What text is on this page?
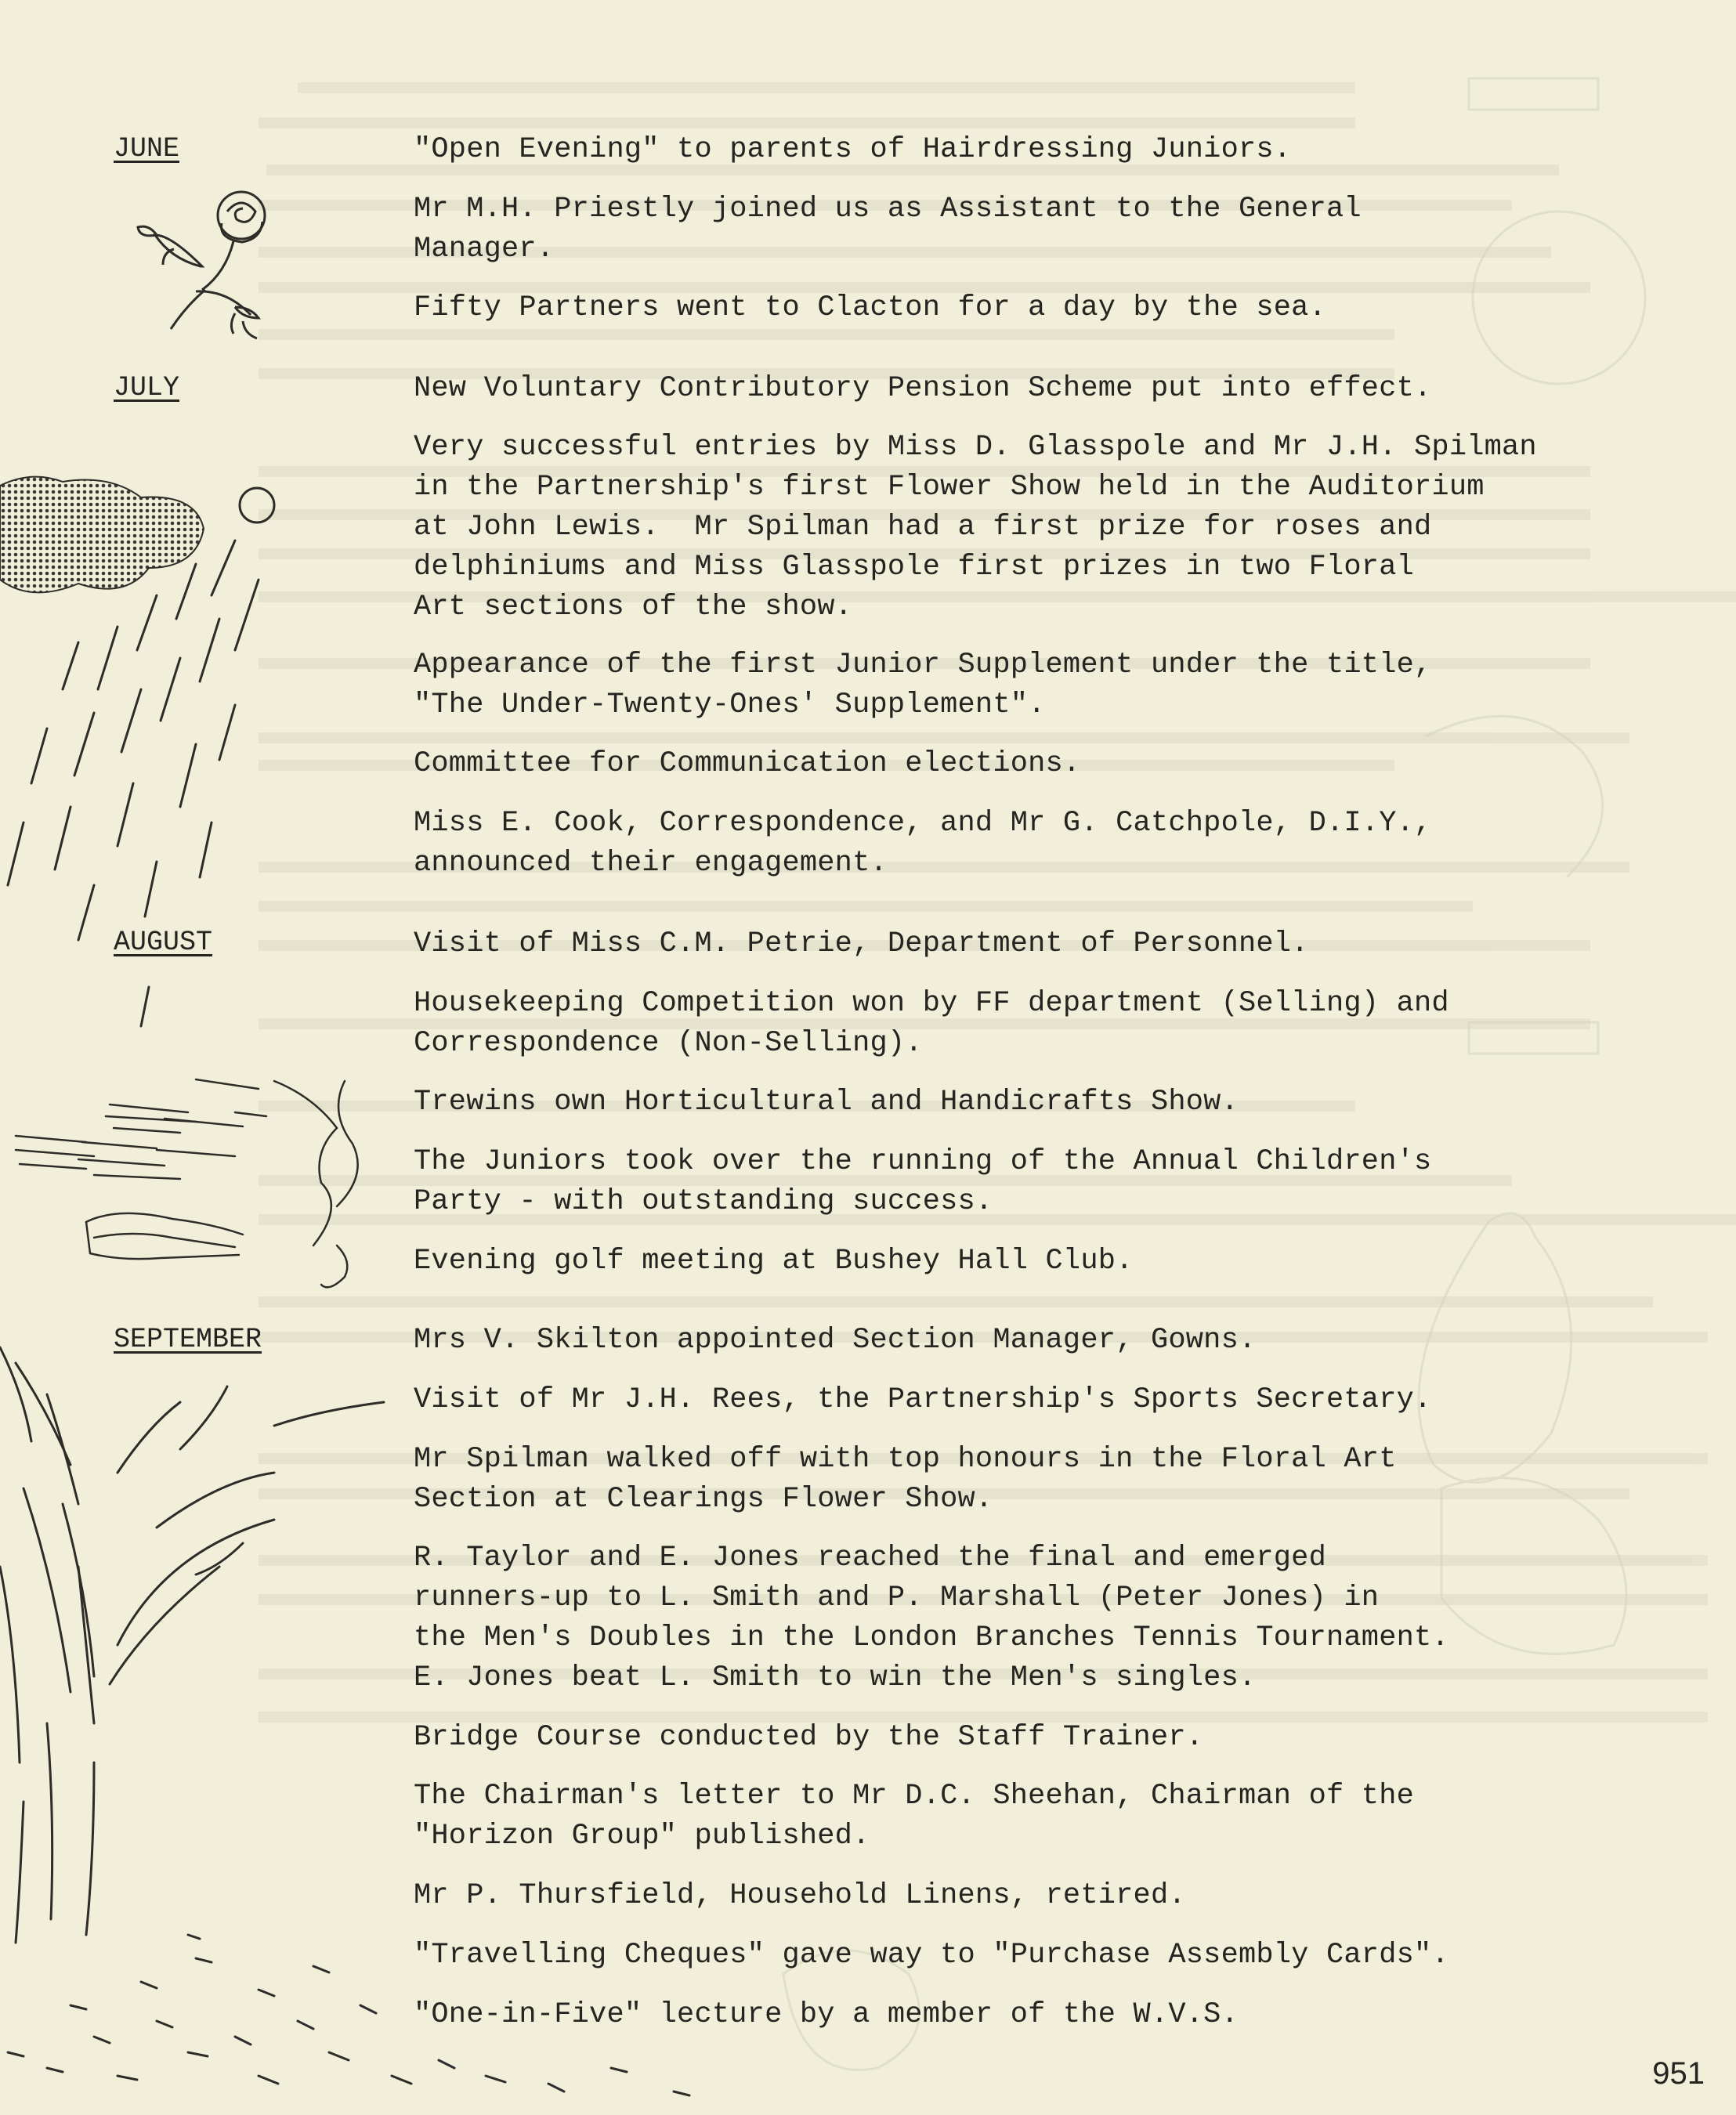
JUNE
JULY
AUGUST
SEPTEMBER
"Open Evening" to parents of Hairdressing Juniors.
Mr M.H. Priestly joined us as Assistant to the General
Manager.
Fifty Partners went to Clacton for a day by the sea.
New Voluntary Contributory Pension Scheme put into effect.
Very successful entries by Miss D. Glasspole and Mr J.H. Spilman
in the Partnership's first Flower Show held in the Auditorium
at John Lewis.  Mr Spilman had a first prize for roses and
delphiniums and Miss Glasspole first prizes in two Floral
Art sections of the show.
Appearance of the first Junior Supplement under the title,
"The Under-Twenty-Ones' Supplement".
Committee for Communication elections.
Miss E. Cook, Correspondence, and Mr G. Catchpole, D.I.Y.,
announced their engagement.
Visit of Miss C.M. Petrie, Department of Personnel.
Housekeeping Competition won by FF department (Selling) and
Correspondence (Non-Selling).
Trewins own Horticultural and Handicrafts Show.
The Juniors took over the running of the Annual Children's
Party - with outstanding success.
Evening golf meeting at Bushey Hall Club.
Mrs V. Skilton appointed Section Manager, Gowns.
Visit of Mr J.H. Rees, the Partnership's Sports Secretary.
Mr Spilman walked off with top honours in the Floral Art
Section at Clearings Flower Show.
R. Taylor and E. Jones reached the final and emerged
runners-up to L. Smith and P. Marshall (Peter Jones) in
the Men's Doubles in the London Branches Tennis Tournament.
E. Jones beat L. Smith to win the Men's singles.
Bridge Course conducted by the Staff Trainer.
The Chairman's letter to Mr D.C. Sheehan, Chairman of the
"Horizon Group" published.
Mr P. Thursfield, Household Linens, retired.
"Travelling Cheques" gave way to "Purchase Assembly Cards".
"One-in-Five" lecture by a member of the W.V.S.
951
